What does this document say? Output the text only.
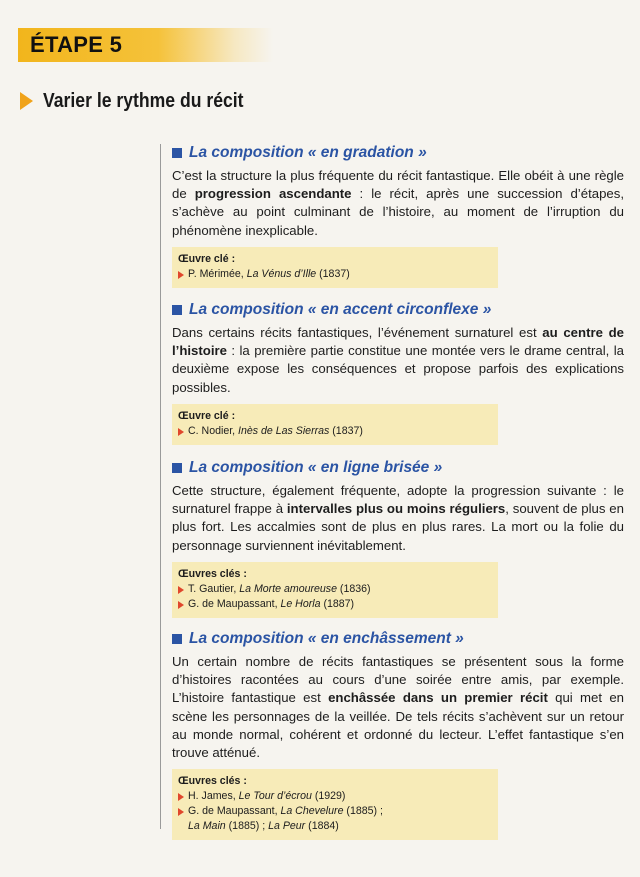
ÉTAPE 5
Varier le rythme du récit
La composition « en gradation »

C’est la structure la plus fréquente du récit fantastique. Elle obéit à une règle de progression ascendante : le récit, après une succession d’étapes, s’achève au point culminant de l’histoire, au moment de l’irruption du phénomène inexplicable.

Œuvre clé :
P. Mérimée, La Vénus d’Ille (1837)
La composition « en accent circonflexe »

Dans certains récits fantastiques, l’événement surnaturel est au centre de l’histoire : la première partie constitue une montée vers le drame central, la deuxième expose les conséquences et propose parfois des explications possibles.

Œuvre clé :
C. Nodier, Inès de Las Sierras (1837)
La composition « en ligne brisée »

Cette structure, également fréquente, adopte la progression suivante : le surnaturel frappe à intervalles plus ou moins réguliers, souvent de plus en plus fort. Les accalmies sont de plus en plus rares. La mort ou la folie du personnage surviennent inévitablement.

Œuvres clés :
T. Gautier, La Morte amoureuse (1836)
G. de Maupassant, Le Horla (1887)
La composition « en enchâssement »

Un certain nombre de récits fantastiques se présentent sous la forme d’histoires racontées au cours d’une soirée entre amis, par exemple. L’histoire fantastique est enchâssée dans un premier récit qui met en scène les personnages de la veillée. De tels récits s’achèvent sur un retour au monde normal, cohérent et ordonné du lecteur. L’effet fantastique s’en trouve atténué.

Œuvres clés :
H. James, Le Tour d’écrou (1929)
G. de Maupassant, La Chevelure (1885) ;
La Main (1885) ; La Peur (1884)
